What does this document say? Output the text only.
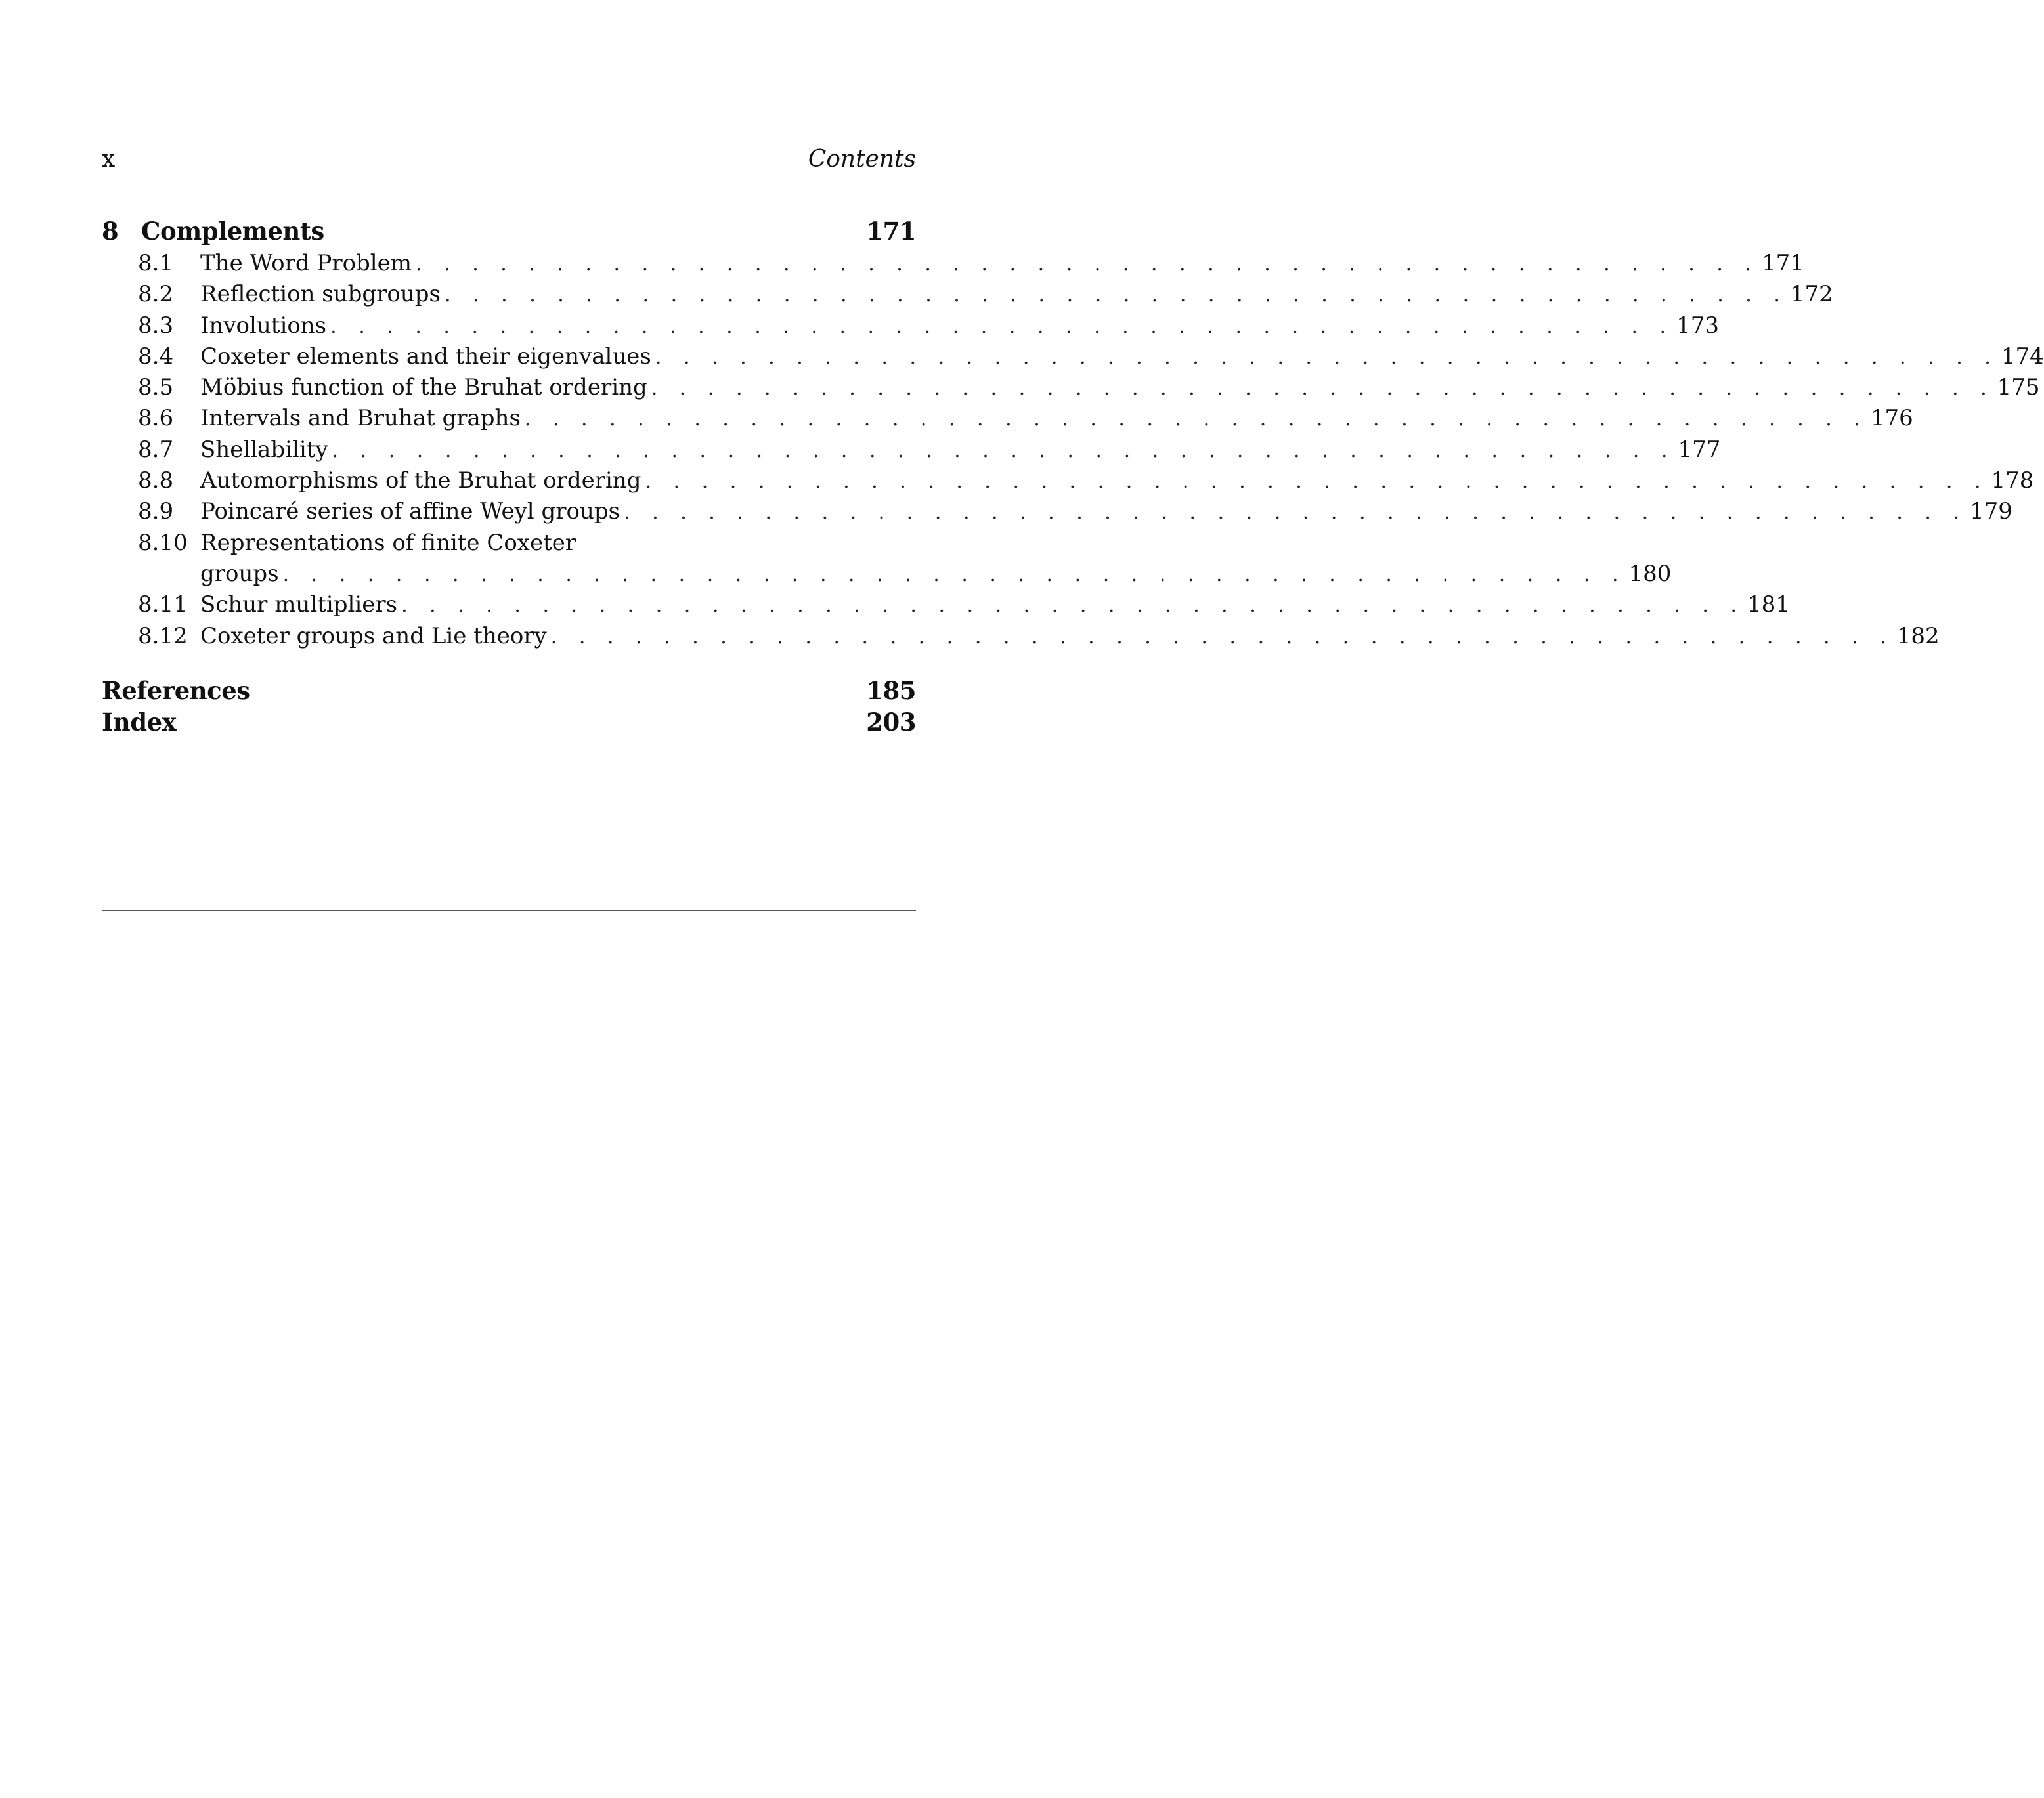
x	Contents
8 Complements	171
8.1 The Word Problem . . . . . . . . . . . . . . . . . . . . . . . . . . . . . . . . . . . . . . . . . . . . . . . . 171
8.2 Reflection subgroups . . . . . . . . . . . . . . . . . . . . . . . . . . . . . . . . . . . . . . . . . . . . . . . . 172
8.3 Involutions . . . . . . . . . . . . . . . . . . . . . . . . . . . . . . . . . . . . . . . . . . . . . . . . 173
8.4 Coxeter elements and their eigenvalues . . . . . . . . . . . . . . . . . . . . . . . . . . . . . . . . . . . . . . . . . . . . . . . . 174
8.5 Möbius function of the Bruhat ordering . . . . . . . . . . . . . . . . . . . . . . . . . . . . . . . . . . . . . . . . . . . . . . . . 175
8.6 Intervals and Bruhat graphs . . . . . . . . . . . . . . . . . . . . . . . . . . . . . . . . . . . . . . . . . . . . . . . . 176
8.7 Shellability . . . . . . . . . . . . . . . . . . . . . . . . . . . . . . . . . . . . . . . . . . . . . . . . 177
8.8 Automorphisms of the Bruhat ordering . . . . . . . . . . . . . . . . . . . . . . . . . . . . . . . . . . . . . . . . . . . . . . . . 178
8.9 Poincaré series of affine Weyl groups . . . . . . . . . . . . . . . . . . . . . . . . . . . . . . . . . . . . . . . . . . . . . . . . 179
8.10 Representations of finite Coxeter
groups . . . . . . . . . . . . . . . . . . . . . . . . . . . . . . . . . . . . . . . . . . . . . . . . 180
8.11 Schur multipliers . . . . . . . . . . . . . . . . . . . . . . . . . . . . . . . . . . . . . . . . . . . . . . . . 181
8.12 Coxeter groups and Lie theory . . . . . . . . . . . . . . . . . . . . . . . . . . . . . . . . . . . . . . . . . . . . . . . . 182
References	185
Index	203
